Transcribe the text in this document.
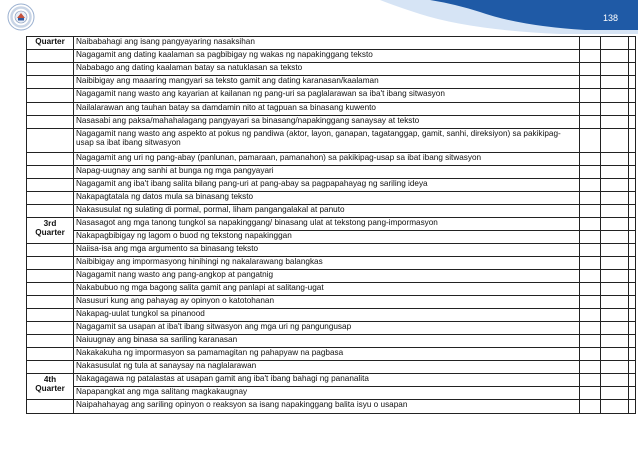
138
Quarter	Naibabahagi ang isang pangyayaring nasaksihan			
	Nagagamit ang dating kaalaman sa pagbibigay ng wakas ng napakinggang teksto			
	Nababago ang dating kaalaman batay sa natuklasan sa teksto			
	Naibibigay ang maaaring mangyari sa teksto gamit ang dating karanasan/kaalaman			
	Nagagamit nang wasto ang kayarian at kailanan ng pang-uri sa paglalarawan sa iba't ibang sitwasyon			
	Nailalarawan ang tauhan batay sa damdamin nito at tagpuan sa binasang kuwento			
	Nasasabi ang paksa/mahahalagang pangyayari sa binasang/napakinggang sanaysay at teksto			
	Nagagamit nang wasto ang aspekto at pokus ng pandiwa (aktor, layon, ganapan, tagatanggap, gamit, sanhi, direksiyon) sa pakikipag-usap sa ibat ibang sitwasyon			
	Nagagamit ang uri ng pang-abay (panlunan, pamaraan, pamanahon) sa pakikipag-usap sa ibat ibang sitwasyon			
	Napag-uugnay ang sanhi at bunga ng mga pangyayari			
	Nagagamit ang iba't ibang salita bilang pang-uri at pang-abay sa pagpapahayag ng sariling ideya			
	Nakapagtatala ng datos mula sa binasang teksto			
	Nakasusulat ng sulating di pormal, pormal, liham pangangalakal at panuto			
3rd Quarter	Nasasagot ang mga tanong tungkol sa napakinggang/ binasang ulat at tekstong pang-impormasyon			
	Nakapagbibigay ng lagom o buod ng tekstong napakinggan			
	Naiisa-isa ang mga argumento sa binasang teksto			
	Naibibigay ang impormasyong hinihingi ng nakalarawang balangkas			
	Nagagamit nang wasto ang pang-angkop at pangatnig			
	Nakabubuo ng mga bagong salita gamit ang panlapi at salitang-ugat			
	Nasusuri kung ang pahayag ay opinyon o katotohanan			
	Nakapag-uulat tungkol sa pinanood			
	Nagagamit sa usapan at iba't ibang sitwasyon ang mga uri ng pangungusap			
	Naiuugnay ang binasa sa sariling karanasan			
	Nakakakuha ng impormasyon sa pamamagitan ng pahapyaw na pagbasa			
	Nakasusulat ng tula at sanaysay na naglalarawan			
4th Quarter	Nakagagawa ng patalastas at usapan gamit ang iba't ibang bahagi ng pananalita			
	Napapangkat ang mga salitang magkakaugnay			
	Naipahahayag ang sariling opinyon o reaksyon sa isang napakinggang balita isyu o usapan			
